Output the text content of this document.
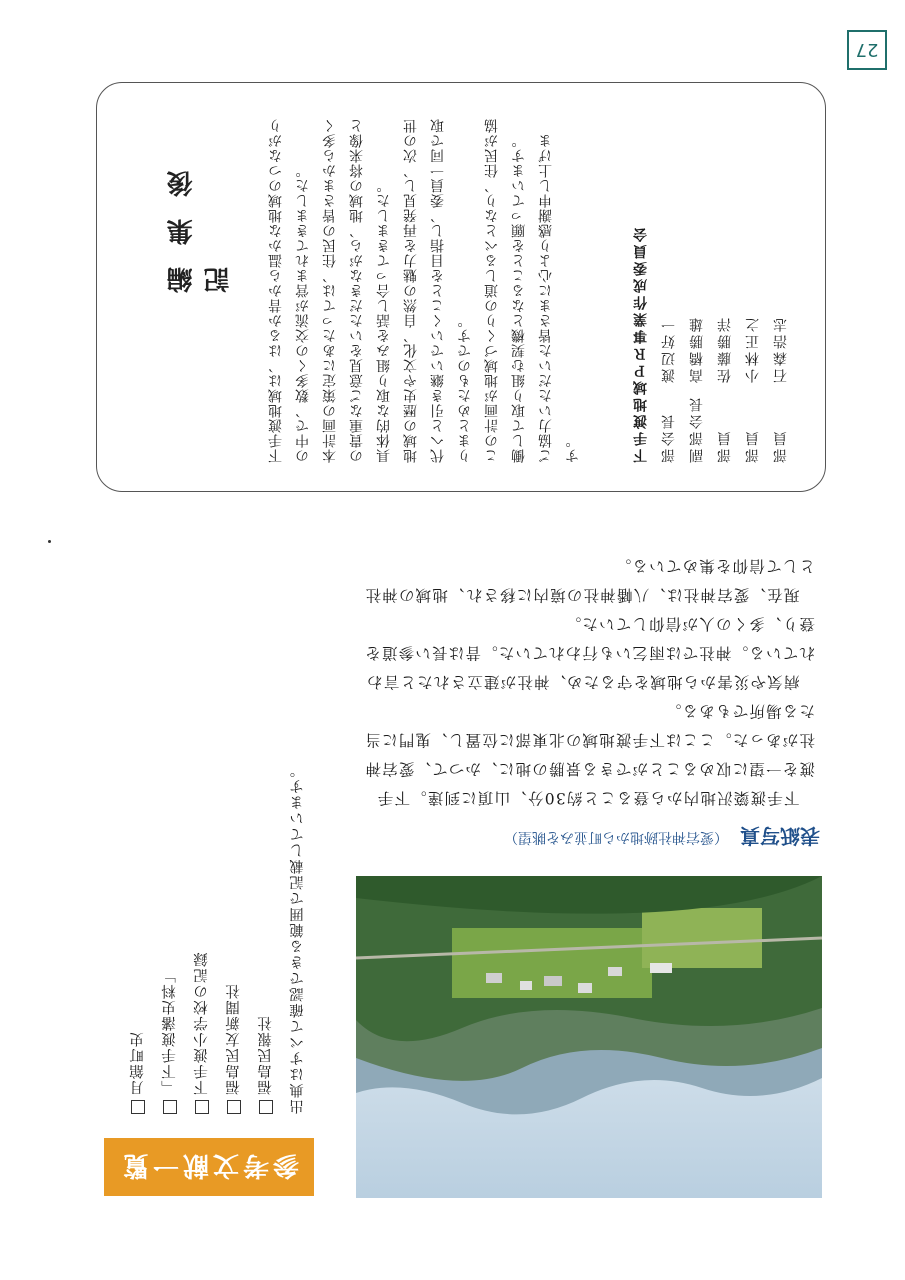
27
下手渡地域ＰＲ事業作成委員会 部会長渡辺好一
副部会長高橋勝雄
部員佐藤勝洋
部員小林正之
部員石森浩志

下手渡地域は、はるか昔から温かな地域のつながりの中で、数多くの交流が営まれてきました。 本計画の策定にあたっては、住民の皆さまから多くの貴重なご意見をいただきながら、地域の将来像と具体的な取り組みを話し合ってきました。 地域の歴史や文化、自然の魅力を再発見し、次の世代へと引き継いでいくことを目指し、委員一同で取りまとめたものです。 この計画が地域づくりの道しるべとなり、住民が協働して取り組む契機となることを願っています。 ご協力いただいた皆さまに心より感謝申し上げます。

編集後記

下手渡簗沢地内から登ること約30分、山頂に到達。下手渡を一望に収めることができる景勝の地に、かつて、愛宕神社があった。ここは下手渡地域の北東部に位置し、鬼門に当たる場所でもある。

病気や災害から地域を守るため、神社が建立されたと言われている。神社では雨乞いも行われていた。昔は長い参道を登り、多くの人が信仰していた。

現在、愛宕神社は、八幡神社の境内に移され、地域の神社として信仰を集めている。

表紙写真
（愛宕神社跡地から町並みを眺望）
参考文献一覧
月舘町史	「下手渡藩史料」	下手渡小学校の記録	福島民友新聞社	福島民報社	出典はすべて確認できる範囲で記載しています。
